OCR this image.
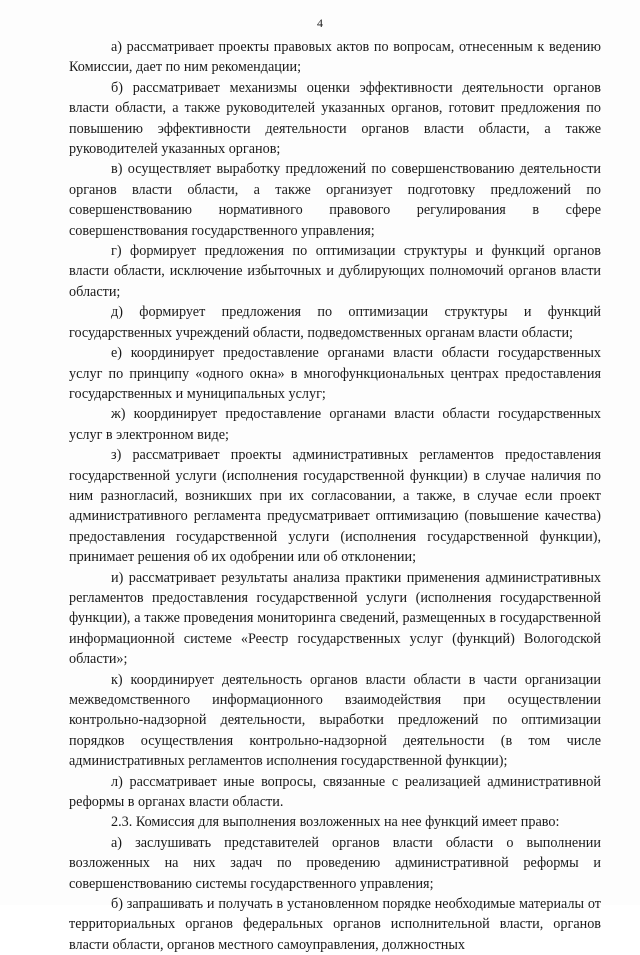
4

а) рассматривает проекты правовых актов по вопросам, отнесенным к ведению Комиссии, дает по ним рекомендации;

б) рассматривает механизмы оценки эффективности деятельности органов власти области, а также руководителей указанных органов, готовит предложения по повышению эффективности деятельности органов власти области, а также руководителей указанных органов;

в) осуществляет выработку предложений по совершенствованию деятельности органов власти области, а также организует подготовку предложений по совершенствованию нормативного правового регулирования в сфере совершенствования государственного управления;

г) формирует предложения по оптимизации структуры и функций органов власти области, исключение избыточных и дублирующих полномочий органов власти области;

д) формирует предложения по оптимизации структуры и функций государственных учреждений области, подведомственных органам власти области;

е) координирует предоставление органами власти области государственных услуг по принципу «одного окна» в многофункциональных центрах предоставления государственных и муниципальных услуг;

ж) координирует предоставление органами власти области государственных услуг в электронном виде;

з) рассматривает проекты административных регламентов предоставления государственной услуги (исполнения государственной функции) в случае наличия по ним разногласий, возникших при их согласовании, а также, в случае если проект административного регламента предусматривает оптимизацию (повышение качества) предоставления государственной услуги (исполнения государственной функции), принимает решения об их одобрении или об отклонении;

и) рассматривает результаты анализа практики применения административных регламентов предоставления государственной услуги (исполнения государственной функции), а также проведения мониторинга сведений, размещенных в государственной информационной системе «Реестр государственных услуг (функций) Вологодской области»;

к) координирует деятельность органов власти области в части организации межведомственного информационного взаимодействия при осуществлении контрольно-надзорной деятельности, выработки предложений по оптимизации порядков осуществления контрольно-надзорной деятельности (в том числе административных регламентов исполнения государственной функции);

л) рассматривает иные вопросы, связанные с реализацией административной реформы в органах власти области.

2.3. Комиссия для выполнения возложенных на нее функций имеет право:

а) заслушивать представителей органов власти области о выполнении возложенных на них задач по проведению административной реформы и совершенствованию системы государственного управления;

б) запрашивать и получать в установленном порядке необходимые материалы от территориальных органов федеральных органов исполнительной власти, органов власти области, органов местного самоуправления, должностных
